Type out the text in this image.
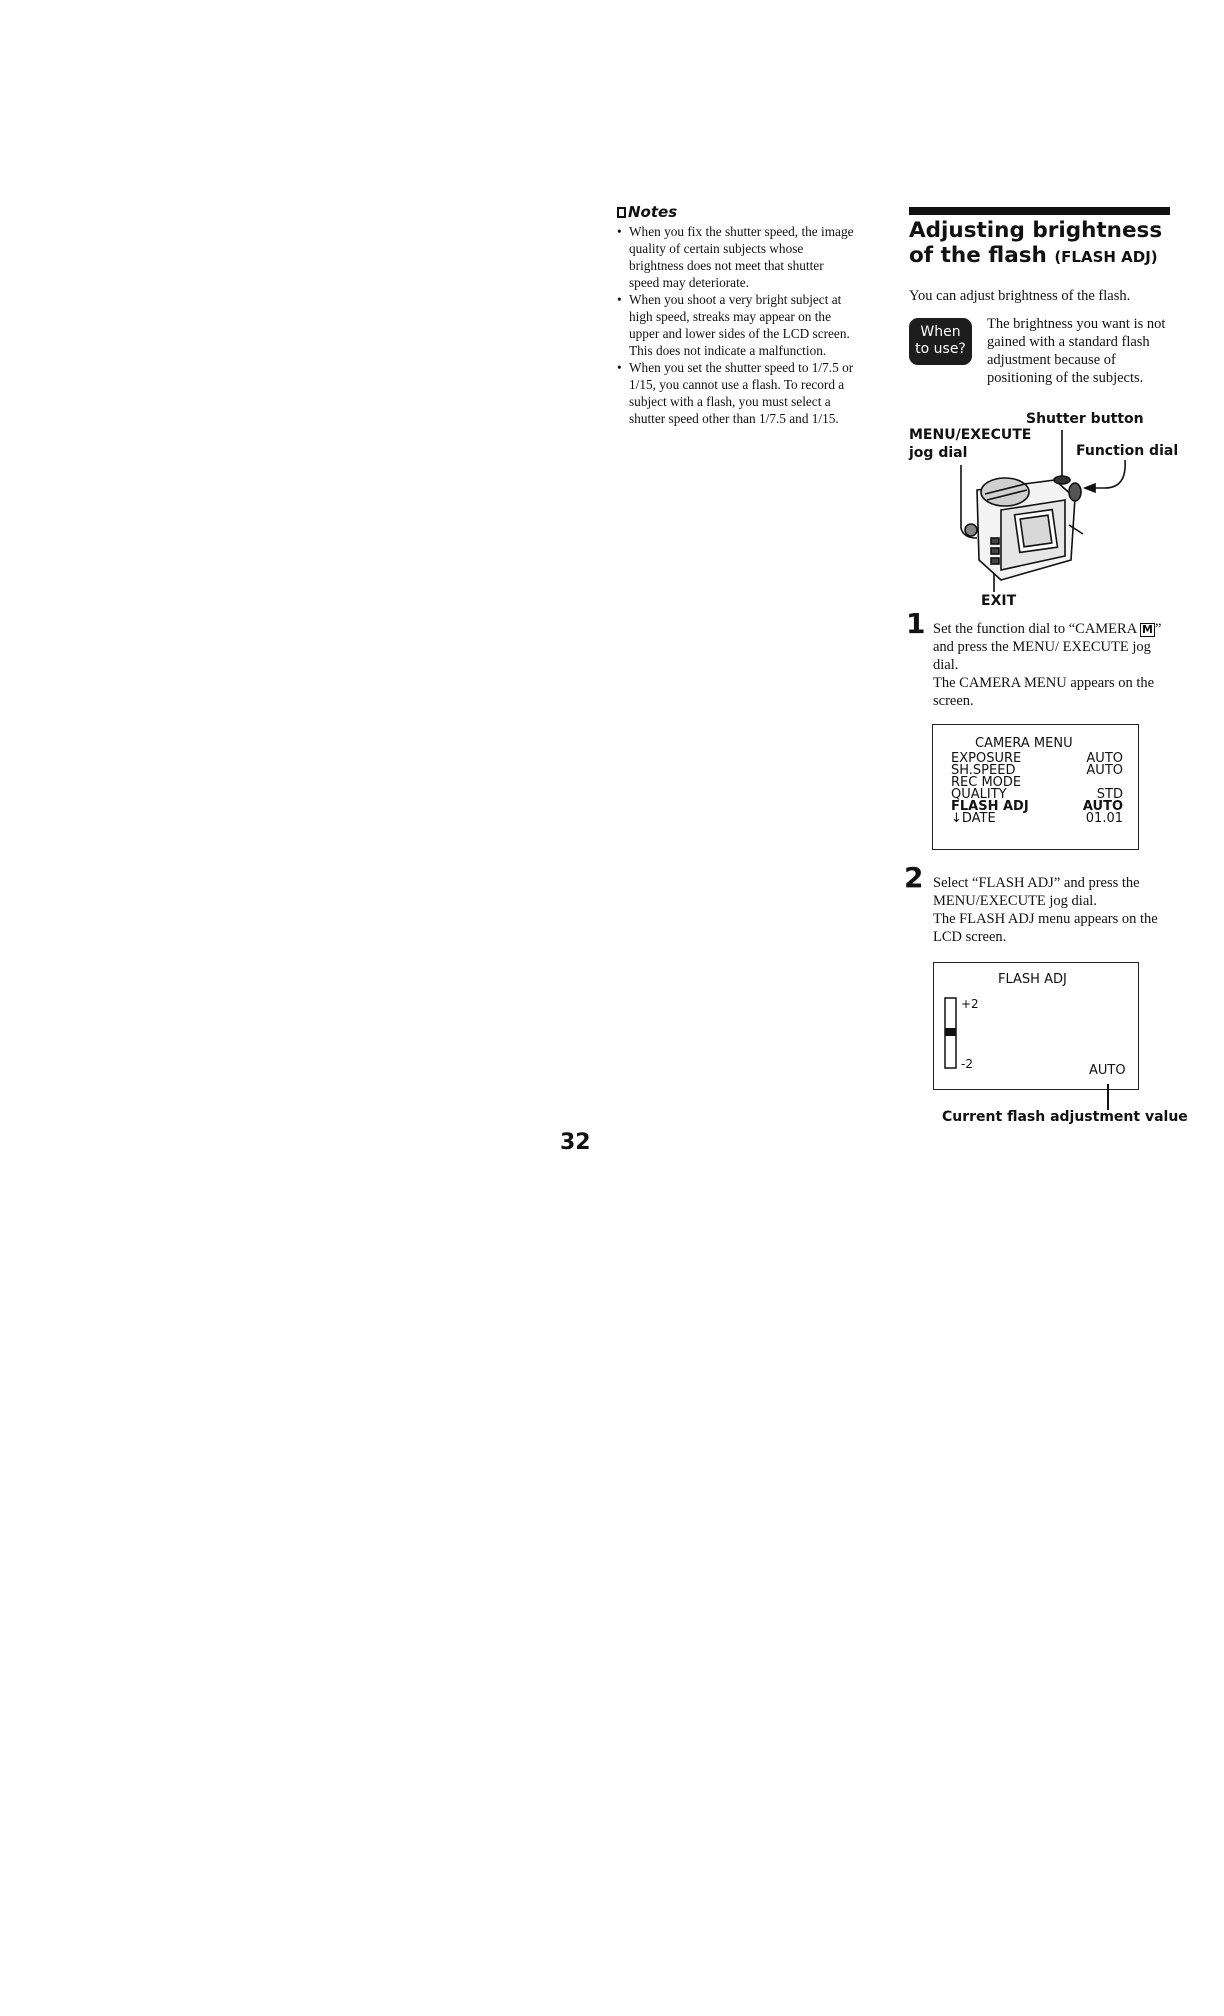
Notes
• When you fix the shutter speed, the image quality of certain subjects whose brightness does not meet that shutter speed may deteriorate.
• When you shoot a very bright subject at high speed, streaks may appear on the upper and lower sides of the LCD screen. This does not indicate a malfunction.
• When you set the shutter speed to 1/7.5 or 1/15, you cannot use a flash. To record a subject with a flash, you must select a shutter speed other than 1/7.5 and 1/15.
Adjusting brightness of the flash (FLASH ADJ)
You can adjust brightness of the flash.
When
to use?
The brightness you want is not gained with a standard flash adjustment because of positioning of the subjects.
Shutter button
MENU/EXECUTE
jog dial	Function dial
EXIT
1 Set the function dial to “CAMERA M ” and press the MENU/ EXECUTE jog dial.
The CAMERA MENU appears on the screen.
CAMERA MENU
EXPOSURE	AUTO
SH.SPEED	AUTO
REC MODE
QUALITY	STD
FLASH ADJ	AUTO
↓DATE	01.01
2 Select “FLASH ADJ” and press the MENU/EXECUTE jog dial.
The FLASH ADJ menu appears on the LCD screen.
FLASH ADJ
+2
-2	AUTO
Current flash adjustment value
32
